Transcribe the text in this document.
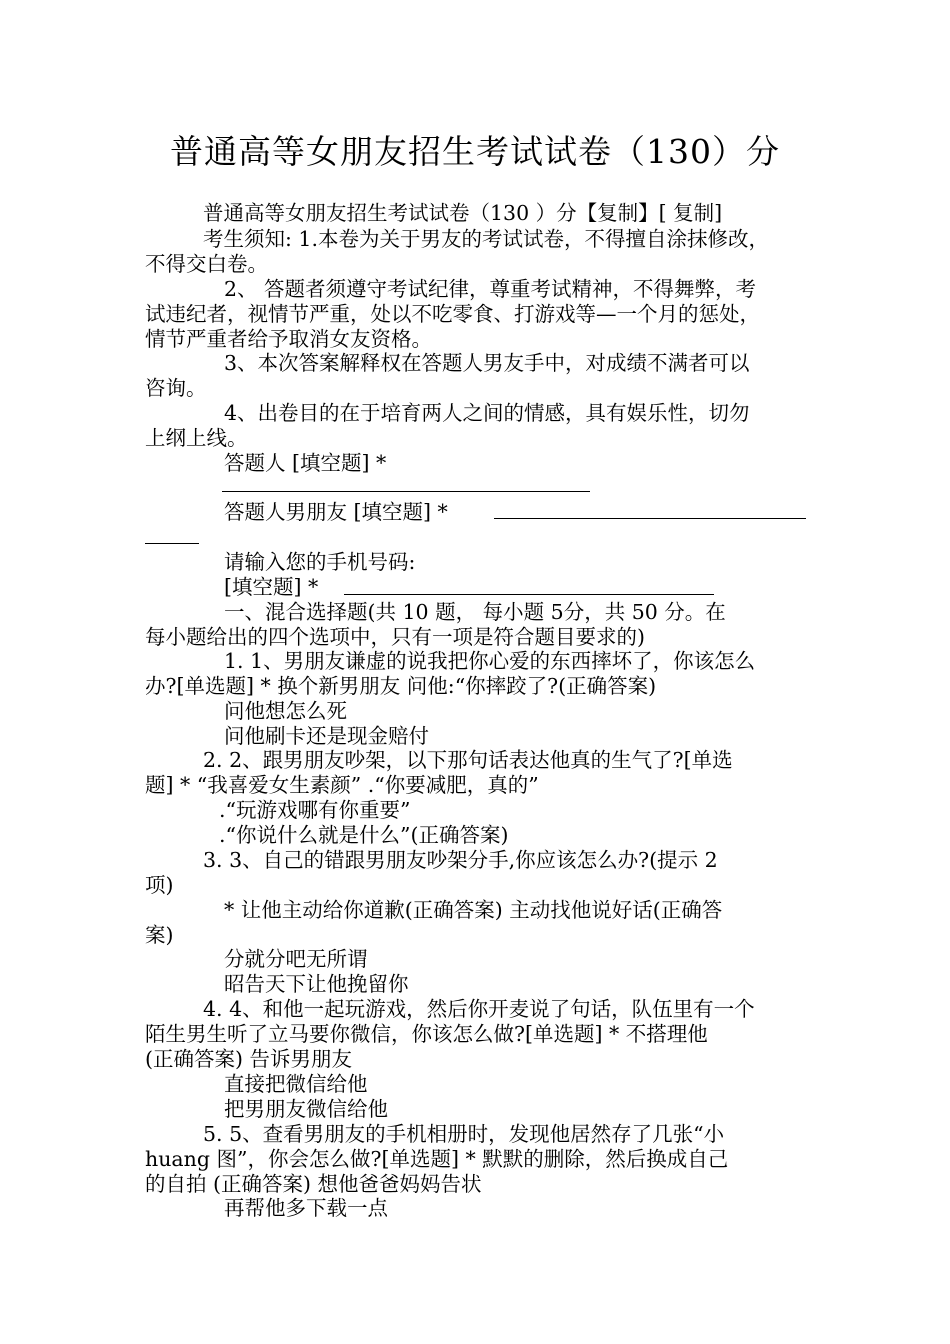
普通高等女朋友招生考试试卷（130）分
普通高等女朋友招生考试试卷（130 ）分【复制】[ 复制]
考生须知: 1.本卷为关于男友的考试试卷，不得擅自涂抹修改，
不得交白卷。
2、 答题者须遵守考试纪律，尊重考试精神，不得舞弊，考
试违纪者，视情节严重，处以不吃零食、打游戏等—一个月的惩处，
情节严重者给予取消女友资格。
3、本次答案解释权在答题人男友手中，对成绩不满者可以
咨询。
4、出卷目的在于培育两人之间的情感，具有娱乐性，切勿
上纲上线。
答题人 [填空题] *
答题人男朋友 [填空题] *
请输入您的手机号码:
[填空题] *
一、混合选择题(共 10 题， 每小题 5分，共 50 分。在
每小题给出的四个选项中，只有一项是符合题目要求的)
1. 1、男朋友谦虚的说我把你心爱的东西摔坏了，你该怎么
办?[单选题] * 换个新男朋友 问他:“你摔跤了?(正确答案)
问他想怎么死
问他刷卡还是现金赔付
2. 2、跟男朋友吵架，以下那句话表达他真的生气了?[单选
题] * “我喜爱女生素颜” .“你要减肥，真的”
.“玩游戏哪有你重要”
.“你说什么就是什么”(正确答案)
3. 3、自己的错跟男朋友吵架分手,你应该怎么办?(提示 2
项)
* 让他主动给你道歉(正确答案) 主动找他说好话(正确答
案)
分就分吧无所谓
昭告天下让他挽留你
4. 4、和他一起玩游戏，然后你开麦说了句话，队伍里有一个
陌生男生听了立马要你微信，你该怎么做?[单选题] * 不搭理他
(正确答案) 告诉男朋友
直接把微信给他
把男朋友微信给他
5. 5、查看男朋友的手机相册时，发现他居然存了几张“小
huang 图”，你会怎么做?[单选题] * 默默的删除，然后换成自己
的自拍 (正确答案) 想他爸爸妈妈告状
再帮他多下载一点
